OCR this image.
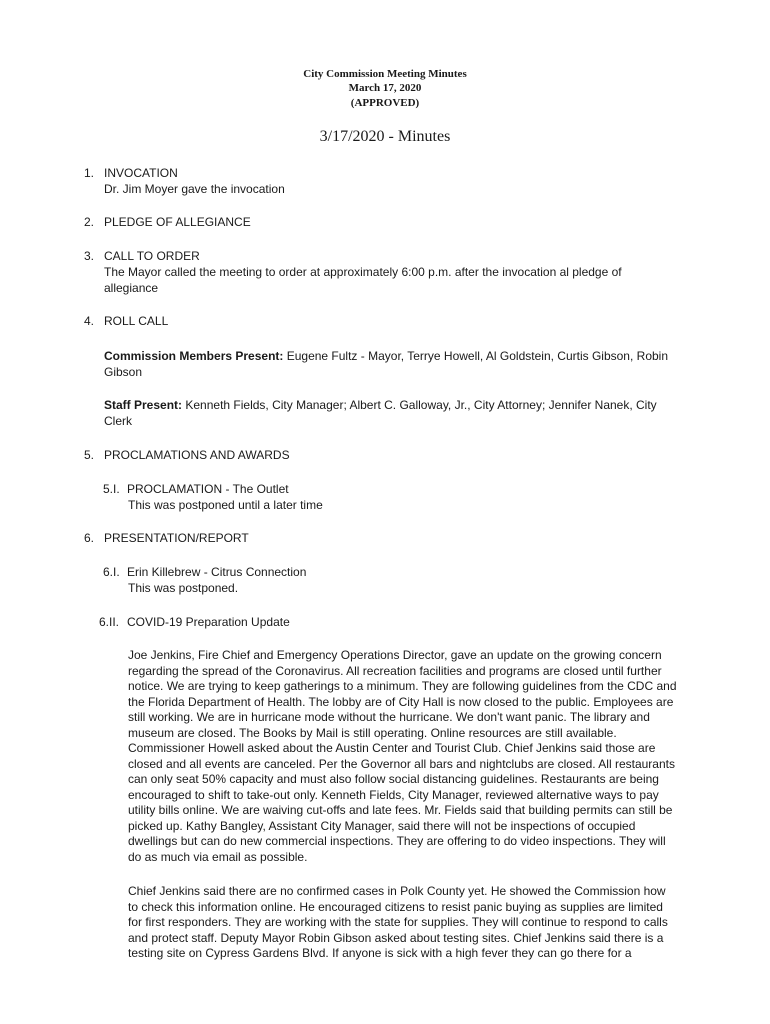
City Commission Meeting Minutes
March 17, 2020
(APPROVED)
3/17/2020 - Minutes
1. INVOCATION
Dr. Jim Moyer gave the invocation
2. PLEDGE OF ALLEGIANCE
3. CALL TO ORDER
The Mayor called the meeting to order at approximately 6:00 p.m. after the invocation al pledge of
allegiance
4. ROLL CALL
Commission Members Present: Eugene Fultz - Mayor, Terrye Howell, Al Goldstein, Curtis Gibson, Robin
Gibson
Staff Present: Kenneth Fields, City Manager; Albert C. Galloway, Jr., City Attorney; Jennifer Nanek, City
Clerk
5. PROCLAMATIONS AND AWARDS
5.I. PROCLAMATION - The Outlet
This was postponed until a later time
6. PRESENTATION/REPORT
6.I. Erin Killebrew - Citrus Connection
This was postponed.
6.II. COVID-19 Preparation Update
Joe Jenkins, Fire Chief and Emergency Operations Director, gave an update on the growing concern
regarding the spread of the Coronavirus. All recreation facilities and programs are closed until further
notice. We are trying to keep gatherings to a minimum. They are following guidelines from the CDC and
the Florida Department of Health. The lobby are of City Hall is now closed to the public. Employees are
still working. We are in hurricane mode without the hurricane. We don't want panic. The library and
museum are closed. The Books by Mail is still operating. Online resources are still available.
Commissioner Howell asked about the Austin Center and Tourist Club. Chief Jenkins said those are
closed and all events are canceled. Per the Governor all bars and nightclubs are closed. All restaurants
can only seat 50% capacity and must also follow social distancing guidelines. Restaurants are being
encouraged to shift to take-out only. Kenneth Fields, City Manager, reviewed alternative ways to pay
utility bills online. We are waiving cut-offs and late fees. Mr. Fields said that building permits can still be
picked up. Kathy Bangley, Assistant City Manager, said there will not be inspections of occupied
dwellings but can do new commercial inspections. They are offering to do video inspections. They will
do as much via email as possible.
Chief Jenkins said there are no confirmed cases in Polk County yet. He showed the Commission how
to check this information online. He encouraged citizens to resist panic buying as supplies are limited
for first responders. They are working with the state for supplies. They will continue to respond to calls
and protect staff. Deputy Mayor Robin Gibson asked about testing sites. Chief Jenkins said there is a
testing site on Cypress Gardens Blvd. If anyone is sick with a high fever they can go there for a
